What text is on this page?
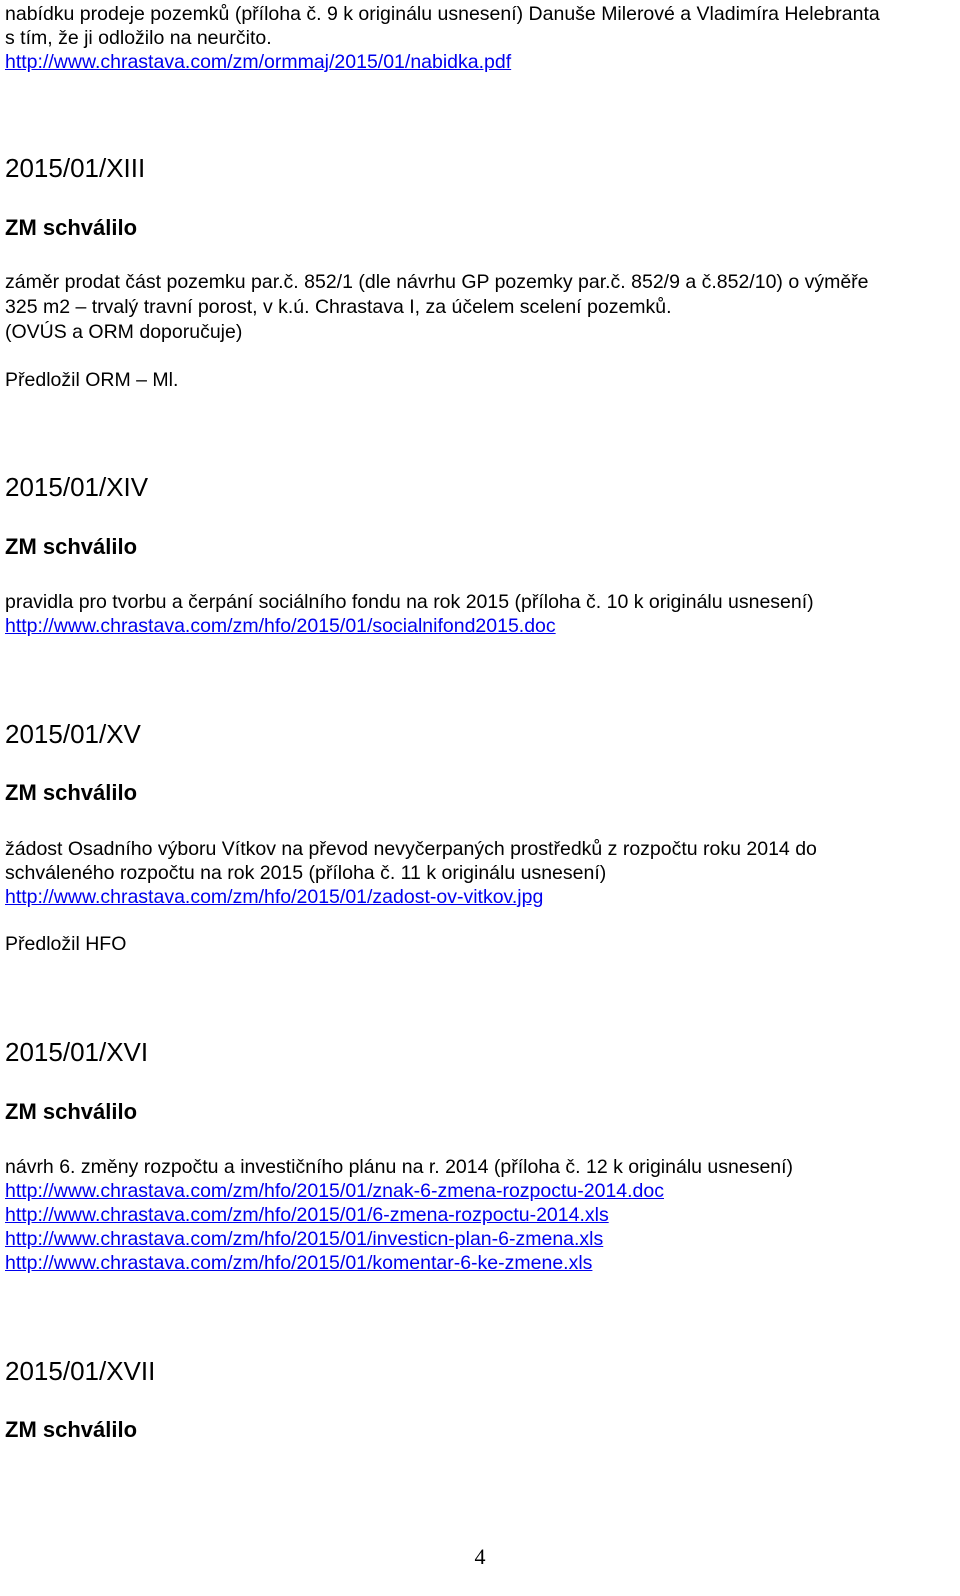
nabídku prodeje pozemků (příloha č. 9 k originálu usnesení) Danuše Milerové a Vladimíra Helebranta
s tím, že ji odložilo na neurčito.
http://www.chrastava.com/zm/ormmaj/2015/01/nabidka.pdf
2015/01/XIII
ZM schválilo
záměr prodat část pozemku par.č. 852/1 (dle návrhu GP pozemky par.č. 852/9 a č.852/10) o výměře
325 m2 – trvalý travní porost, v k.ú. Chrastava I, za účelem scelení pozemků.
(OVÚS a ORM doporučuje)
Předložil ORM – Ml.
2015/01/XIV
ZM schválilo
pravidla pro tvorbu a čerpání sociálního fondu na rok 2015 (příloha č. 10 k originálu usnesení)
http://www.chrastava.com/zm/hfo/2015/01/socialnifond2015.doc
2015/01/XV
ZM schválilo
žádost Osadního výboru Vítkov na převod nevyčerpaných prostředků z rozpočtu roku 2014 do
schváleného rozpočtu na rok 2015 (příloha č. 11 k originálu usnesení)
http://www.chrastava.com/zm/hfo/2015/01/zadost-ov-vitkov.jpg
Předložil HFO
2015/01/XVI
ZM schválilo
návrh 6. změny rozpočtu a investičního plánu na r. 2014 (příloha č. 12 k originálu usnesení)
http://www.chrastava.com/zm/hfo/2015/01/znak-6-zmena-rozpoctu-2014.doc
http://www.chrastava.com/zm/hfo/2015/01/6-zmena-rozpoctu-2014.xls
http://www.chrastava.com/zm/hfo/2015/01/investicn-plan-6-zmena.xls
http://www.chrastava.com/zm/hfo/2015/01/komentar-6-ke-zmene.xls
2015/01/XVII
ZM schválilo
4
